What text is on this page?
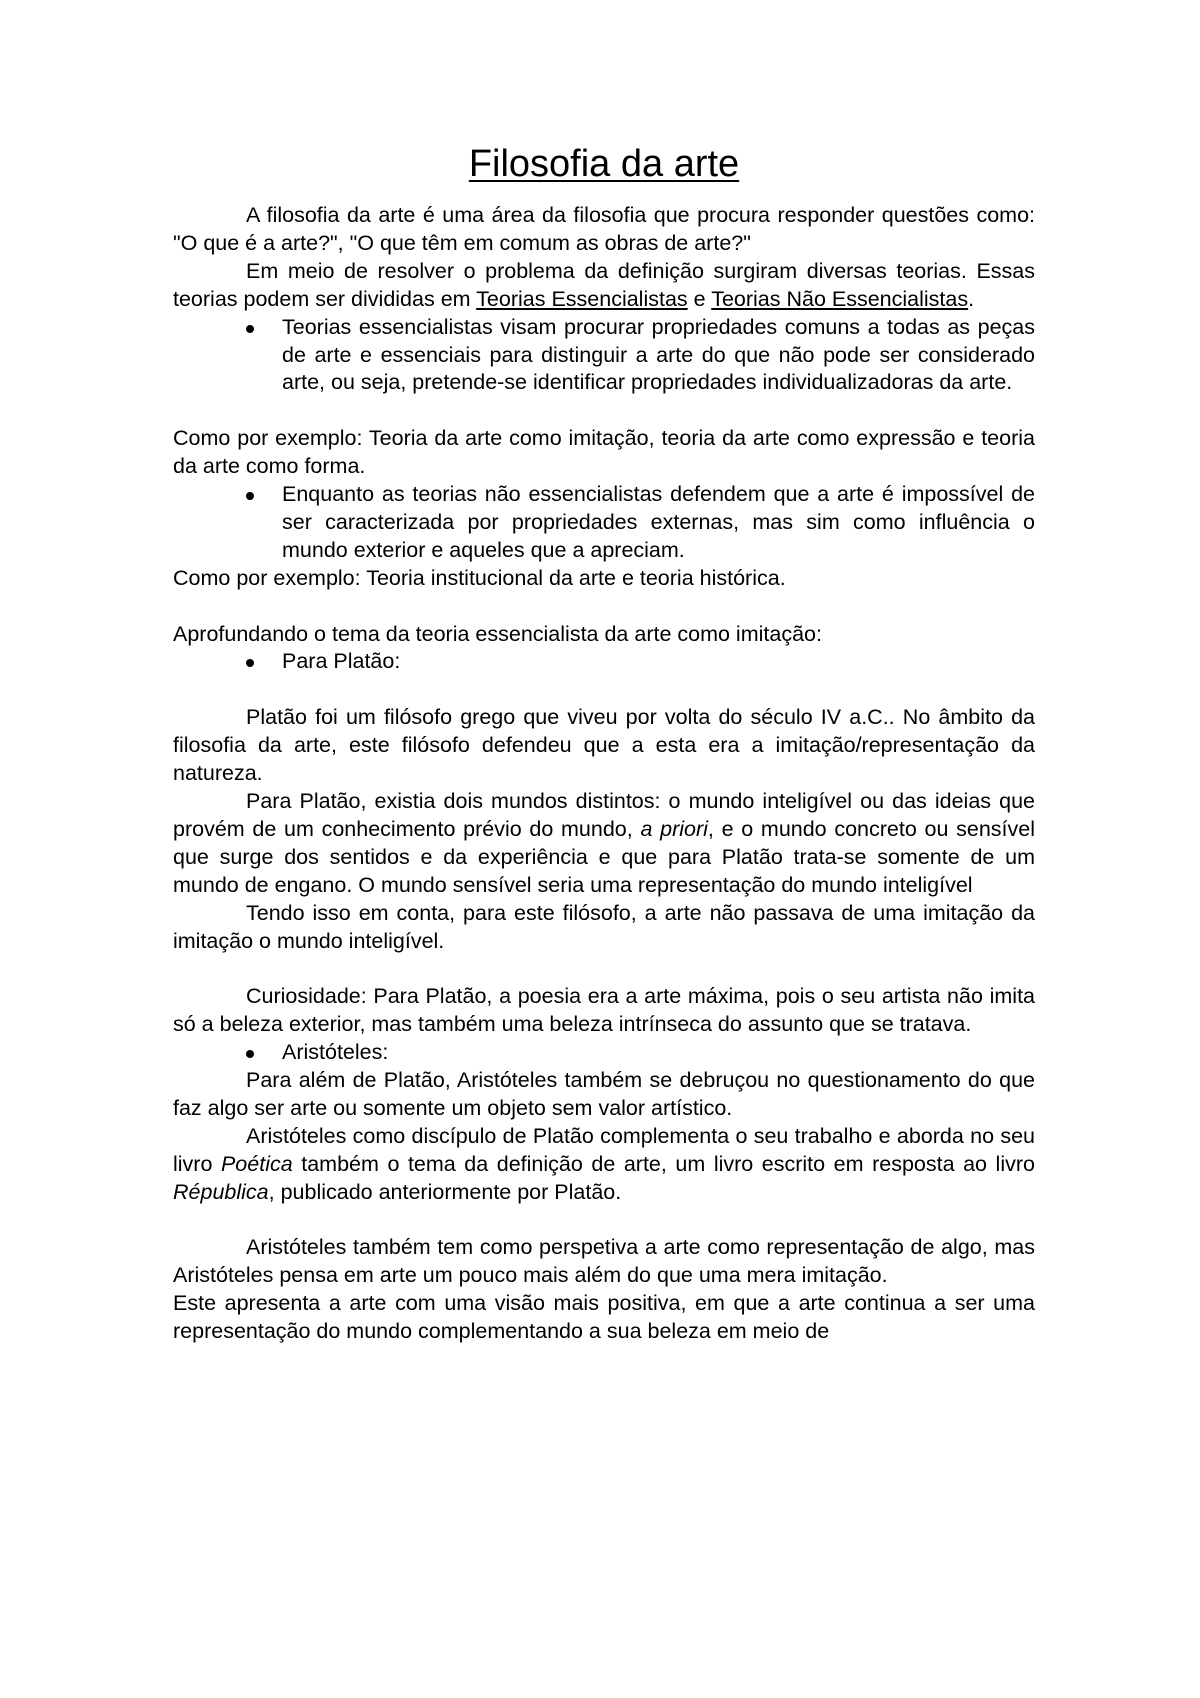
Filosofia da arte

A filosofia da arte é uma área da filosofia que procura responder questões como: "O que é a arte?", "O que têm em comum as obras de arte?"

Em meio de resolver o problema da definição surgiram diversas teorias. Essas teorias podem ser divididas em Teorias Essencialistas e Teorias Não Essencialistas.

Teorias essencialistas visam procurar propriedades comuns a todas as peças de arte e essenciais para distinguir a arte do que não pode ser considerado arte, ou seja, pretende-se identificar propriedades individualizadoras da arte.

Como por exemplo: Teoria da arte como imitação, teoria da arte como expressão e teoria da arte como forma.

Enquanto as teorias não essencialistas defendem que a arte é impossível de ser caracterizada por propriedades externas, mas sim como influência o mundo exterior e aqueles que a apreciam.

Como por exemplo: Teoria institucional da arte e teoria histórica.

Aprofundando o tema da teoria essencialista da arte como imitação:

Para Platão:

Platão foi um filósofo grego que viveu por volta do século IV a.C.. No âmbito da filosofia da arte, este filósofo defendeu que a esta era a imitação/representação da natureza.

Para Platão, existia dois mundos distintos: o mundo inteligível ou das ideias que provém de um conhecimento prévio do mundo, a priori, e o mundo concreto ou sensível que surge dos sentidos e da experiência e que para Platão trata-se somente de um mundo de engano. O mundo sensível seria uma representação do mundo inteligível

Tendo isso em conta, para este filósofo, a arte não passava de uma imitação da imitação o mundo inteligível.

Curiosidade: Para Platão, a poesia era a arte máxima, pois o seu artista não imita só a beleza exterior, mas também uma beleza intrínseca do assunto que se tratava.

Aristóteles:

Para além de Platão, Aristóteles também se debruçou no questionamento do que faz algo ser arte ou somente um objeto sem valor artístico.

Aristóteles como discípulo de Platão complementa o seu trabalho e aborda no seu livro Poética também o tema da definição de arte, um livro escrito em resposta ao livro Républica, publicado anteriormente por Platão.

Aristóteles também tem como perspetiva a arte como representação de algo, mas Aristóteles pensa em arte um pouco mais além do que uma mera imitação.

Este apresenta a arte com uma visão mais positiva, em que a arte continua a ser uma representação do mundo complementando a sua beleza em meio de
